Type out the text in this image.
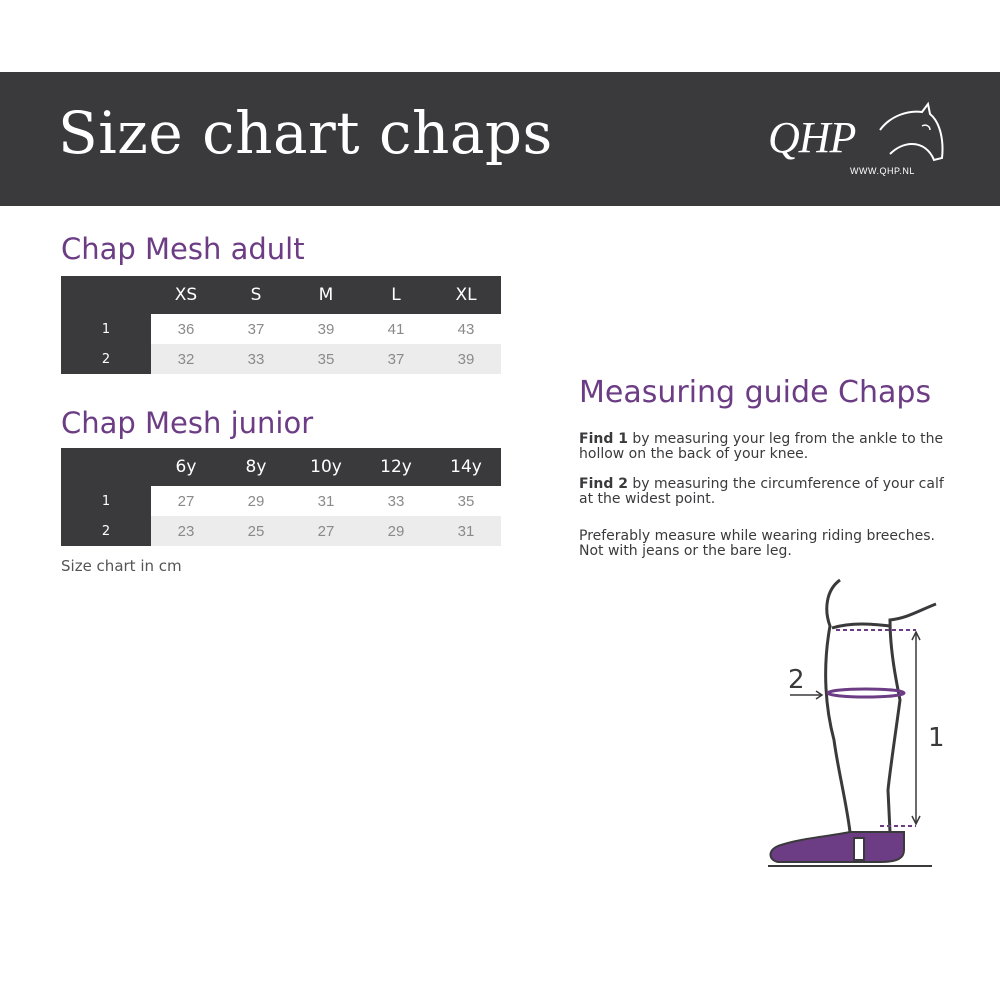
Size chart chaps	QHP
WWW.QHP.NL
Chap Mesh adult
	XS	S	M	L	XL
1	36	37	39	41	43
2	32	33	35	37	39
Chap Mesh junior
	6y	8y	10y	12y	14y
1	27	29	31	33	35
2	23	25	27	29	31
Size chart in cm
Measuring guide Chaps
Find 1 by measuring your leg from the ankle to the hollow on the back of your knee.
Find 2 by measuring the circumference of your calf at the widest point.
Preferably measure while wearing riding breeches. Not with jeans or the bare leg.
1
2
